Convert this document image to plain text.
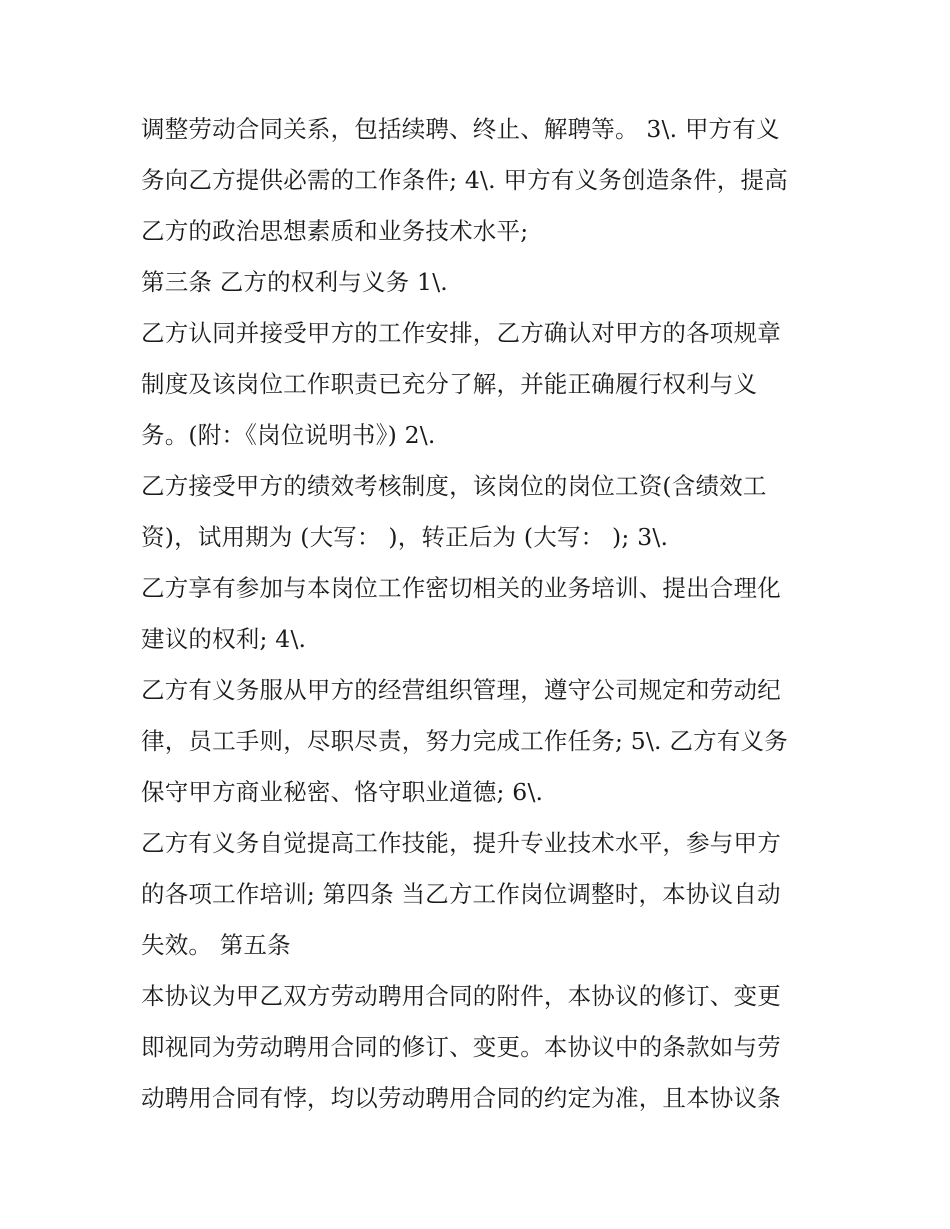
调整劳动合同关系，包括续聘、终止、解聘等。 3\. 甲方有义
务向乙方提供必需的工作条件; 4\. 甲方有义务创造条件，提高
乙方的政治思想素质和业务技术水平;
第三条 乙方的权利与义务 1\.
乙方认同并接受甲方的工作安排，乙方确认对甲方的各项规章
制度及该岗位工作职责已充分了解，并能正确履行权利与义
务。(附：《岗位说明书》) 2\.
乙方接受甲方的绩效考核制度，该岗位的岗位工资(含绩效工
资)，试用期为 (大写： )，转正后为 (大写： ); 3\.
乙方享有参加与本岗位工作密切相关的业务培训、提出合理化
建议的权利; 4\.
乙方有义务服从甲方的经营组织管理，遵守公司规定和劳动纪
律，员工手则，尽职尽责，努力完成工作任务; 5\. 乙方有义务
保守甲方商业秘密、恪守职业道德; 6\.
乙方有义务自觉提高工作技能，提升专业技术水平，参与甲方
的各项工作培训; 第四条 当乙方工作岗位调整时，本协议自动
失效。 第五条
本协议为甲乙双方劳动聘用合同的附件，本协议的修订、变更
即视同为劳动聘用合同的修订、变更。本协议中的条款如与劳
动聘用合同有悖，均以劳动聘用合同的约定为准，且本协议条
